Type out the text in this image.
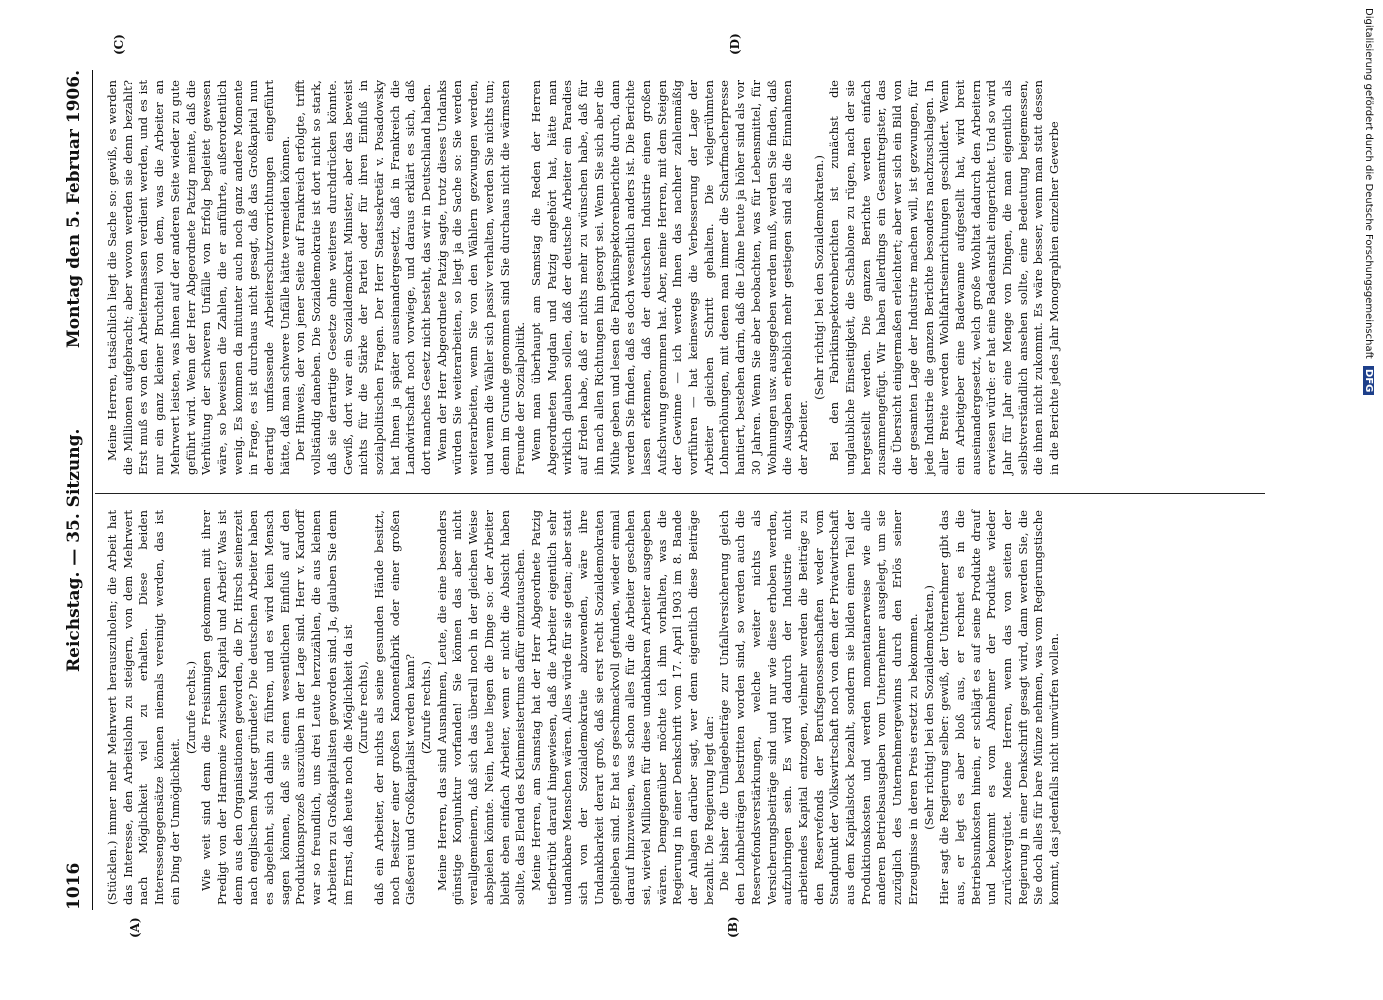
1016
Reichstag. — 35. Sitzung.
Montag den 5. Februar 1906.
(A)	(B)
(C)	(D)

(Stücklen.) immer mehr Mehrwert herauszuholen; die Arbeit hat das Interesse, den Arbeitslohn zu steigern, von dem Mehrwert nach Möglichkeit viel zu erhalten. Diese beiden Interessengegensätze können niemals vereinigt werden, das ist ein Ding der Unmöglichkeit.

(Zurufe rechts.) Wie weit sind denn die Freisinnigen gekommen mit ihrer Predigt von der Harmonie zwischen Kapital und Arbeit? Was ist denn aus den Organisationen geworden, die Dr. Hirsch seinerzeit nach englischem Muster gründete? Die deutschen Arbeiter haben es abgelehnt, sich dahin zu führen, und es wird kein Mensch sagen können, daß sie einen wesentlichen Einfluß auf den Produktionsprozeß auszuüben in der Lage sind. Herr v. Kardorff war so freundlich, uns drei Leute herzuzählen, die aus kleinen Arbeitern zu Großkapitalisten geworden sind. Ja, glauben Sie denn im Ernst, daß heute noch die Möglichkeit da ist (Zurufe rechts), daß ein Arbeiter, der nichts als seine gesunden Hände besitzt, noch Besitzer einer großen Kanonenfabrik oder einer großen Gießerei und Großkapitalist werden kann? (Zurufe rechts.) Meine Herren, das sind Ausnahmen, Leute, die eine besonders günstige Konjunktur vorfanden! Sie können das aber nicht verallgemeinern, daß sich das überall noch in der gleichen Weise abspielen könnte. Nein, heute liegen die Dinge so: der Arbeiter bleibt eben einfach Arbeiter, wenn er nicht die Absicht haben sollte, das Elend des Kleinmeistertums dafür einzutauschen. Meine Herren, am Samstag hat der Herr Abgeordnete Patzig tiefbetrübt darauf hingewiesen, daß die Arbeiter eigentlich sehr undankbare Menschen wären. Alles würde für sie getan; aber statt sich von der Sozialdemokratie abzuwenden, wäre ihre Undankbarkeit derart groß, daß sie erst recht Sozialdemokraten geblieben sind. Er hat es geschmackvoll gefunden, wieder einmal darauf hinzuweisen, was schon alles für die Arbeiter geschehen sei, wieviel Millionen für diese undankbaren Arbeiter ausgegeben wären. Demgegenüber möchte ich ihm vorhalten, was die Regierung in einer Denkschrift vom 17. April 1903 im 8. Bande der Anlagen darüber sagt, wer denn eigentlich diese Beiträge bezahlt. Die Regierung legt dar: Die bisher die Umlagebeiträge zur Unfallversicherung gleich den Lohnbeiträgen bestritten worden sind, so werden auch die Reservefondsverstärkungen, welche weiter nichts als Versicherungsbeiträge sind und nur wie diese erhoben werden, aufzubringen sein. Es wird dadurch der Industrie nicht arbeitendes Kapital entzogen, vielmehr werden die Beiträge zu den Reservefonds der Berufsgenossenschaften weder vom Standpunkt der Volkswirtschaft noch von dem der Privatwirtschaft aus dem Kapitalstock bezahlt, sondern sie bilden einen Teil der Produktionskosten und werden momentanerweise wie alle anderen Betriebsausgaben vom Unternehmer ausgelegt, um sie zuzüglich des Unternehmergewinns durch den Erlös seiner Erzeugnisse in deren Preis ersetzt zu bekommen. (Sehr richtig! bei den Sozialdemokraten.) Hier sagt die Regierung selber: gewiß, der Unternehmer gibt das aus, er legt es aber bloß aus, er rechnet es in die Betriebsunkosten hinein, er schlägt es auf seine Produkte drauf und bekommt es vom Abnehmer der Produkte wieder zurückvergütet. Meine Herren, wenn das von seiten der Regierung in einer Denkschrift gesagt wird, dann werden Sie, die Sie doch alles für bare Münze nehmen, was vom Regierungstische kommt, das jedenfalls nicht umwürfen wollen.

Meine Herren, tatsächlich liegt die Sache so: gewiß, es werden die Millionen aufgebracht; aber wovon werden sie denn bezahlt? Erst muß es von den Arbeitermassen verdient werden, und es ist nur ein ganz kleiner Bruchteil von dem, was die Arbeiter an Mehrwert leisten, was ihnen auf der anderen Seite wieder zu gute geführt wird. Wenn der Herr Abgeordnete Patzig meinte, daß die Verhütung der schweren Unfälle von Erfolg begleitet gewesen wäre, so beweisen die Zahlen, die er anführte, außerordentlich wenig. Es kommen da mitunter auch noch ganz andere Momente in Frage, es ist durchaus nicht gesagt, daß das Großkapital nun derartig umfassende Arbeiterschutzvorrichtungen eingeführt hätte, daß man schwere Unfälle hätte vermeiden können. Der Hinweis, der von jener Seite auf Frankreich erfolgte, trifft vollständig daneben. Die Sozialdemokratie ist dort nicht so stark, daß sie derartige Gesetze ohne weiteres durchdrücken könnte. Gewiß, dort war ein Sozialdemokrat Minister, aber das beweist nichts für die Stärke der Partei oder für ihren Einfluß in sozialpolitischen Fragen. Der Herr Staatssekretär v. Posadowsky hat Ihnen ja später auseinandergesetzt, daß in Frankreich die Landwirtschaft noch vorwiege, und daraus erklärt es sich, daß dort manches Gesetz nicht besteht, das wir in Deutschland haben. Wenn der Herr Abgeordnete Patzig sagte, trotz dieses Undanks würden Sie weiterarbeiten, so liegt ja die Sache so: Sie werden weiterarbeiten, wenn Sie von den Wählern gezwungen werden, und wenn die Wähler sich passiv verhalten, werden Sie nichts tun; denn im Grunde genommen sind Sie durchaus nicht die wärmsten Freunde der Sozialpolitik. Wenn man überhaupt am Samstag die Reden der Herren Abgeordneten Mugdan und Patzig angehört hat, hätte man wirklich glauben sollen, daß der deutsche Arbeiter ein Paradies auf Erden habe, daß er nichts mehr zu wünschen habe, daß für ihn nach allen Richtungen hin gesorgt sei. Wenn Sie sich aber die Mühe geben und lesen die Fabrikinspektorenberichte durch, dann werden Sie finden, daß es doch wesentlich anders ist. Die Berichte lassen erkennen, daß der deutschen Industrie einen großen Aufschwung genommen hat. Aber, meine Herren, mit dem Steigen der Gewinne — ich werde Ihnen das nachher zahlenmäßig vorführen — hat keineswegs die Verbesserung der Lage der Arbeiter gleichen Schritt gehalten. Die vielgerühmten Lohnerhöhungen, mit denen man immer die Scharfmacherpresse hantiert, bestehen darin, daß die Löhne heute ja höher sind als vor 30 Jahren. Wenn Sie aber beobachten, was für Lebensmittel, für Wohnungen usw. ausgegeben werden muß, werden Sie finden, daß die Ausgaben erheblich mehr gestiegen sind als die Einnahmen der Arbeiter.

(Sehr richtig! bei den Sozialdemokraten.) Bei den Fabrikinspektorenberichten ist zunächst die unglaubliche Einseitigkeit, die Schablone zu rügen, nach der sie hergestellt werden. Die ganzen Berichte werden einfach zusammengefügt. Wir haben allerdings ein Gesamtregister, das die Übersicht einigermaßen erleichtert; aber wer sich ein Bild von der gesamten Lage der Industrie machen will, ist gezwungen, für jede Industrie die ganzen Berichte besonders nachzuschlagen. In aller Breite werden Wohlfahrtseinrichtungen geschildert. Wenn ein Arbeitgeber eine Badewanne aufgestellt hat, wird breit auseinandergesetzt, welch große Wohltat dadurch den Arbeitern erwiesen würde: er hat eine Badeanstalt eingerichtet. Und so wird Jahr für Jahr eine Menge von Dingen, die man eigentlich als selbstverständlich ansehen sollte, eine Bedeutung beigemessen, die ihnen nicht zukommt. Es wäre besser, wenn man statt dessen in die Berichte jedes Jahr Monographien einzelner Gewerbe	Digitalisierung gefördert durch die Deutsche Forschungsgemeinschaft DFG
